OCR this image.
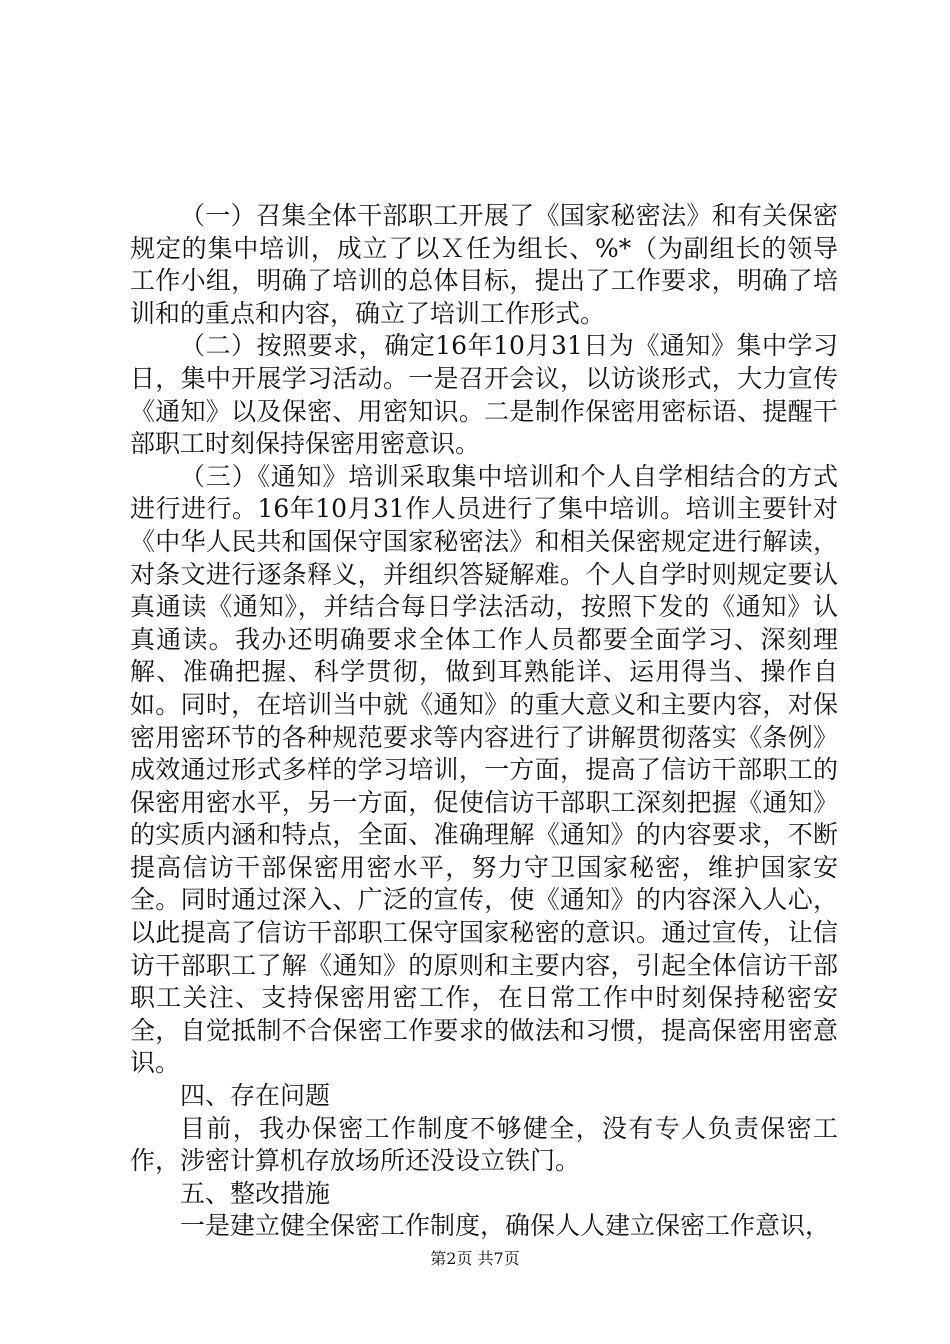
（一）召集全体干部职工开展了《国家秘密法》和有关保密规定的集中培训，成立了以Ｘ任为组长、%*（为副组长的领导工作小组，明确了培训的总体目标，提出了工作要求，明确了培训和的重点和内容，确立了培训工作形式。

（二）按照要求，确定16年10月31日为《通知》集中学习日，集中开展学习活动。一是召开会议，以访谈形式，大力宣传《通知》以及保密、用密知识。二是制作保密用密标语、提醒干部职工时刻保持保密用密意识。

（三）《通知》培训采取集中培训和个人自学相结合的方式进行进行。16年10月31作人员进行了集中培训。培训主要针对《中华人民共和国保守国家秘密法》和相关保密规定进行解读，对条文进行逐条释义，并组织答疑解难。个人自学时则规定要认真通读《通知》，并结合每日学法活动，按照下发的《通知》认真通读。我办还明确要求全体工作人员都要全面学习、深刻理解、准确把握、科学贯彻，做到耳熟能详、运用得当、操作自如。同时，在培训当中就《通知》的重大意义和主要内容，对保密用密环节的各种规范要求等内容进行了讲解贯彻落实《条例》成效通过形式多样的学习培训，一方面，提高了信访干部职工的保密用密水平，另一方面，促使信访干部职工深刻把握《通知》的实质内涵和特点，全面、准确理解《通知》的内容要求，不断提高信访干部保密用密水平，努力守卫国家秘密，维护国家安全。同时通过深入、广泛的宣传，使《通知》的内容深入人心，以此提高了信访干部职工保守国家秘密的意识。通过宣传，让信访干部职工了解《通知》的原则和主要内容，引起全体信访干部职工关注、支持保密用密工作，在日常工作中时刻保持秘密安全，自觉抵制不合保密工作要求的做法和习惯，提高保密用密意识。

四、存在问题

目前，我办保密工作制度不够健全，没有专人负责保密工作，涉密计算机存放场所还没设立铁门。

五、整改措施

一是建立健全保密工作制度，确保人人建立保密工作意识，

第2页 共7页
